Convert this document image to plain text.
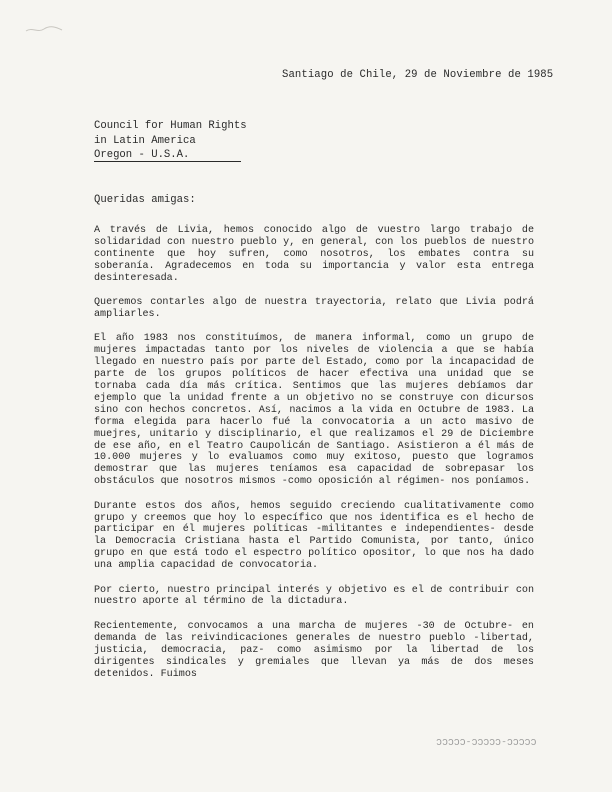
Santiago de Chile, 29 de Noviembre de 1985
Council for Human Rights
in Latin America
Oregon - U.S.A.
Queridas amigas:

A través de Livia, hemos conocido algo de vuestro largo trabajo de solidaridad con nuestro pueblo y, en general, con los pueblos de nuestro continente que hoy sufren, como nosotros, los embates contra su soberanía. Agradecemos en toda su importancia y valor esta entrega desinteresada.

Queremos contarles algo de nuestra trayectoria, relato que Livia podrá ampliarles.

El año 1983 nos constituímos, de manera informal, como un grupo de mujeres impactadas tanto por los niveles de violencia a que se había llegado en nuestro país por parte del Estado, como por la incapacidad de parte de los grupos políticos de hacer efectiva una unidad que se tornaba cada día más crítica. Sentimos que las mujeres debíamos dar ejemplo que la unidad frente a un objetivo no se construye con dicursos sino con hechos concretos. Así, nacimos a la vida en Octubre de 1983. La forma elegida para hacerlo fué la convocatoria a un acto masivo de muejres, unitario y disciplinario, el que realizamos el 29 de Diciembre de ese año, en el Teatro Caupolicán de Santiago. Asistieron a él más de 10.000 mujeres y lo evaluamos como muy exitoso, puesto que logramos demostrar que las mujeres teníamos esa capacidad de sobrepasar los obstáculos que nosotros mismos -como oposición al régimen- nos poníamos.

Durante estos dos años, hemos seguido creciendo cualitativamente como grupo y creemos que hoy lo específico que nos identifica es el hecho de participar en él mujeres políticas -militantes e independientes- desde la Democracia Cristiana hasta el Partido Comunista, por tanto, único grupo en que está todo el espectro político opositor, lo que nos ha dado una amplia capacidad de convocatoria.

Por cierto, nuestro principal interés y objetivo es el de contribuir con nuestro aporte al término de la dictadura.

Recientemente, convocamos a una marcha de mujeres -30 de Octubre- en demanda de las reivindicaciones generales de nuestro pueblo -libertad, justicia, democracia, paz- como asimismo por la libertad de los dirigentes sindicales y gremiales que llevan ya más de dos meses detenidos. Fuimos

CCCCC-CCCCC-CCCCC
